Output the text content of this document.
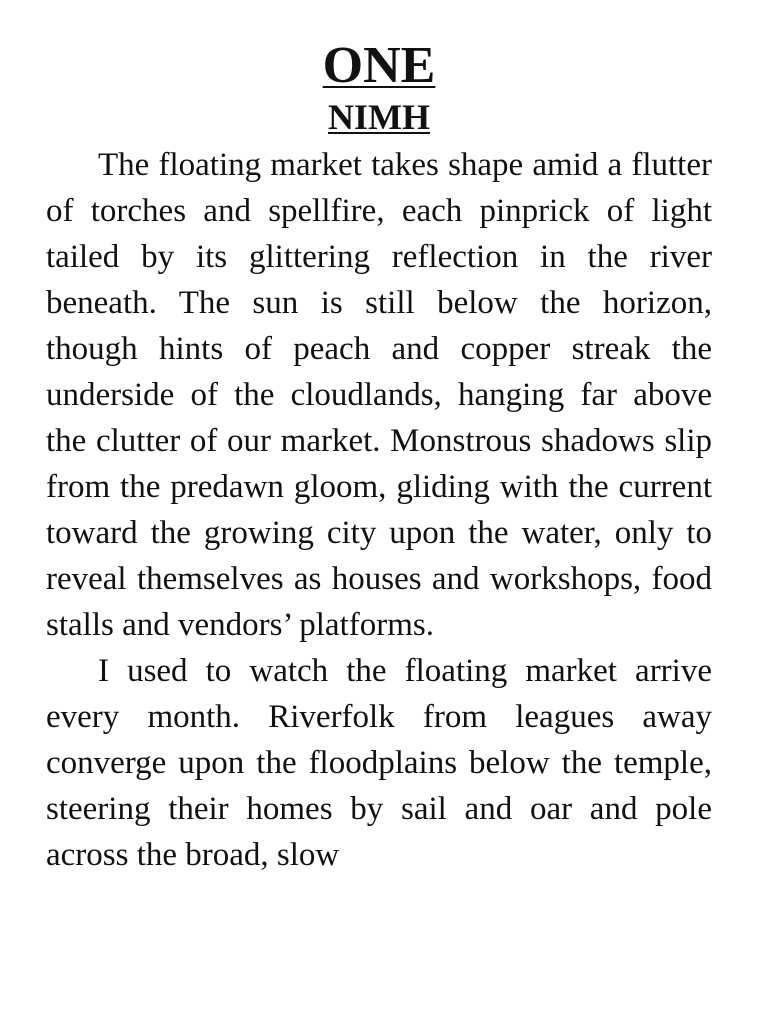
ONE
NIMH

The floating market takes shape amid a flutter of torches and spellfire, each pinprick of light tailed by its glittering reflection in the river beneath. The sun is still below the horizon, though hints of peach and copper streak the underside of the cloudlands, hanging far above the clutter of our market. Monstrous shadows slip from the predawn gloom, gliding with the current toward the growing city upon the water, only to reveal themselves as houses and workshops, food stalls and vendors’ platforms.

I used to watch the floating market arrive every month. Riverfolk from leagues away converge upon the floodplains below the temple, steering their homes by sail and oar and pole across the broad, slow
